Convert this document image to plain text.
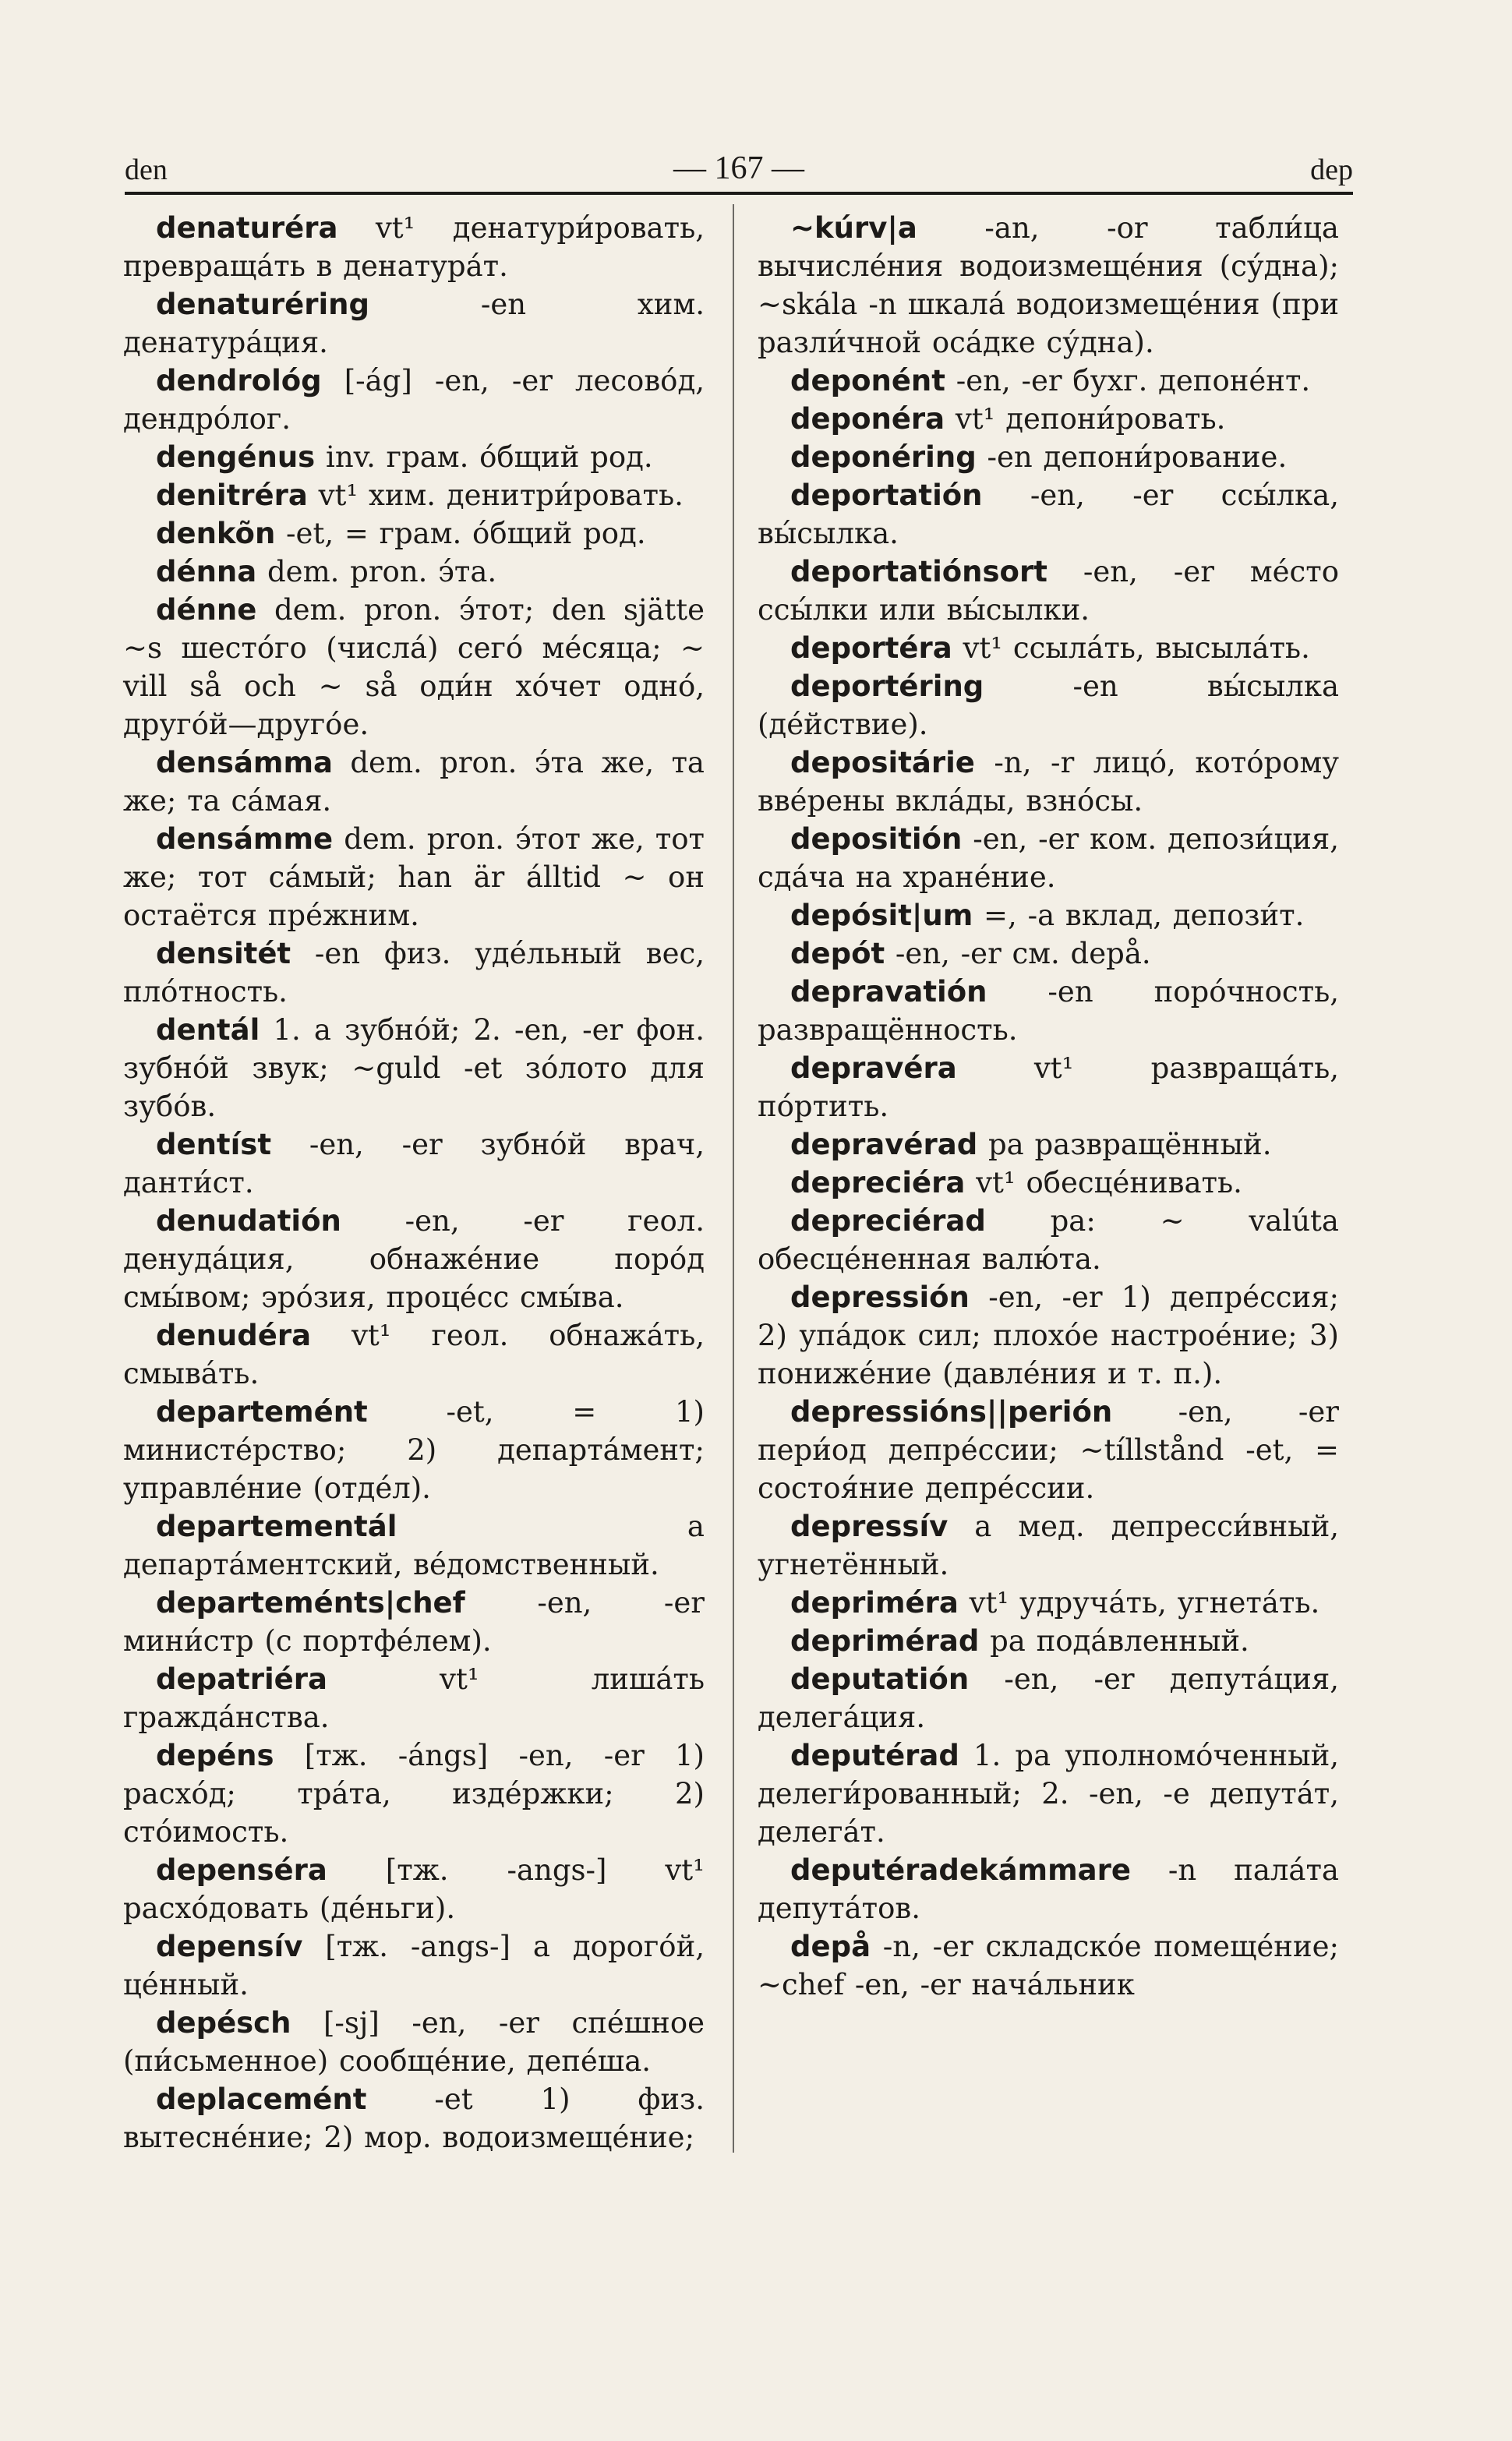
den	— 167 —	dep
denaturéra vt¹ денатури́ровать, превраща́ть в денатура́т.
denaturéring -en хим. денатура́ция.
dendrológ [-ág] -en, -er лесово́д, дендро́лог.
dengénus inv. грам. о́бщий род.
denitréra vt¹ хим. денитри́ровать.
denkõn -et, = грам. о́бщий род.
dénna dem. pron. э́та.
dénne dem. pron. э́тот; den sjätte ~s шесто́го (числа́) сего́ ме́сяца; ~ vill så och ~ så оди́н хо́чет одно́, друго́й—друго́е.
densámma dem. pron. э́та же, та же; та са́мая.
densámme dem. pron. э́тот же, тот же; тот са́мый; han är álltid ~ он остаётся пре́жним.
densitét -en физ. уде́льный вес, пло́тность.
dentál 1. a зубно́й; 2. -en, -er фон. зубно́й звук; ~guld -et зо́лото для зубо́в.
dentíst -en, -er зубно́й врач, данти́ст.
denudatión -en, -er геол. денуда́ция, обнаже́ние поро́д смы́вом; эро́зия, проце́сс смы́ва.
denudéra vt¹ геол. обнажа́ть, смыва́ть.
departemént -et, = 1) министе́рство; 2) департа́мент; управле́ние (отде́л).
departementál a департа́ментский, ве́домственный.
departeménts|chef -en, -er мини́стр (с портфе́лем).
depatriéra vt¹ лиша́ть гражда́нства.
depéns [тж. -ángs] -en, -er 1) расхо́д; тра́та, изде́ржки; 2) сто́имость.
depenséra [тж. -angs-] vt¹ расхо́довать (де́ньги).
depensív [тж. -angs-] a дорого́й, це́нный.
depésch [-sj] -en, -er спе́шное (пи́сьменное) сообще́ние, депе́ша.
deplacemént -et 1) физ. вытесне́ние; 2) мор. водоизмеще́ние;
~kúrv|a -an, -or табли́ца вычисле́ния водоизмеще́ния (су́дна); ~skála -n шкала́ водоизмеще́ния (при разли́чной оса́дке су́дна).
deponént -en, -er бухг. депоне́нт.
deponéra vt¹ депони́ровать.
deponéring -en депони́рование.
deportatión -en, -er ссы́лка, вы́сылка.
deportatiónsort -en, -er ме́сто ссы́лки или вы́сылки.
deportéra vt¹ ссыла́ть, высыла́ть.
deportéring -en вы́сылка (де́йствие).
depositárie -n, -r лицо́, кото́рому вве́рены вкла́ды, взно́сы.
depositión -en, -er ком. депози́ция, сда́ча на хране́ние.
depósit|um =, -a вклад, депози́т.
depót -en, -er см. depå.
depravatión -en поро́чность, развращённость.
depravéra vt¹ развраща́ть, по́ртить.
depravérad pa развращённый.
depreciéra vt¹ обесце́нивать.
depreciérad pa: ~ valúta обесце́ненная валю́та.
depressión -en, -er 1) депре́ссия; 2) упа́док сил; плохо́е настрое́ние; 3) пониже́ние (давле́ния и т. п.).
depressións||perión -en, -er пери́од депре́ссии; ~tíllstånd -et, = состоя́ние депре́ссии.
depressív a мед. депресси́вный, угнетённый.
depriméra vt¹ удруча́ть, угнета́ть.
deprimérad pa пода́вленный.
deputatión -en, -er депута́ция, делега́ция.
deputérad 1. pa уполномо́ченный, делеги́рованный; 2. -en, -e депута́т, делега́т.
deputéradekámmare -n пала́та депута́тов.
depå -n, -er складско́е помеще́ние; ~chef -en, -er нача́льник
